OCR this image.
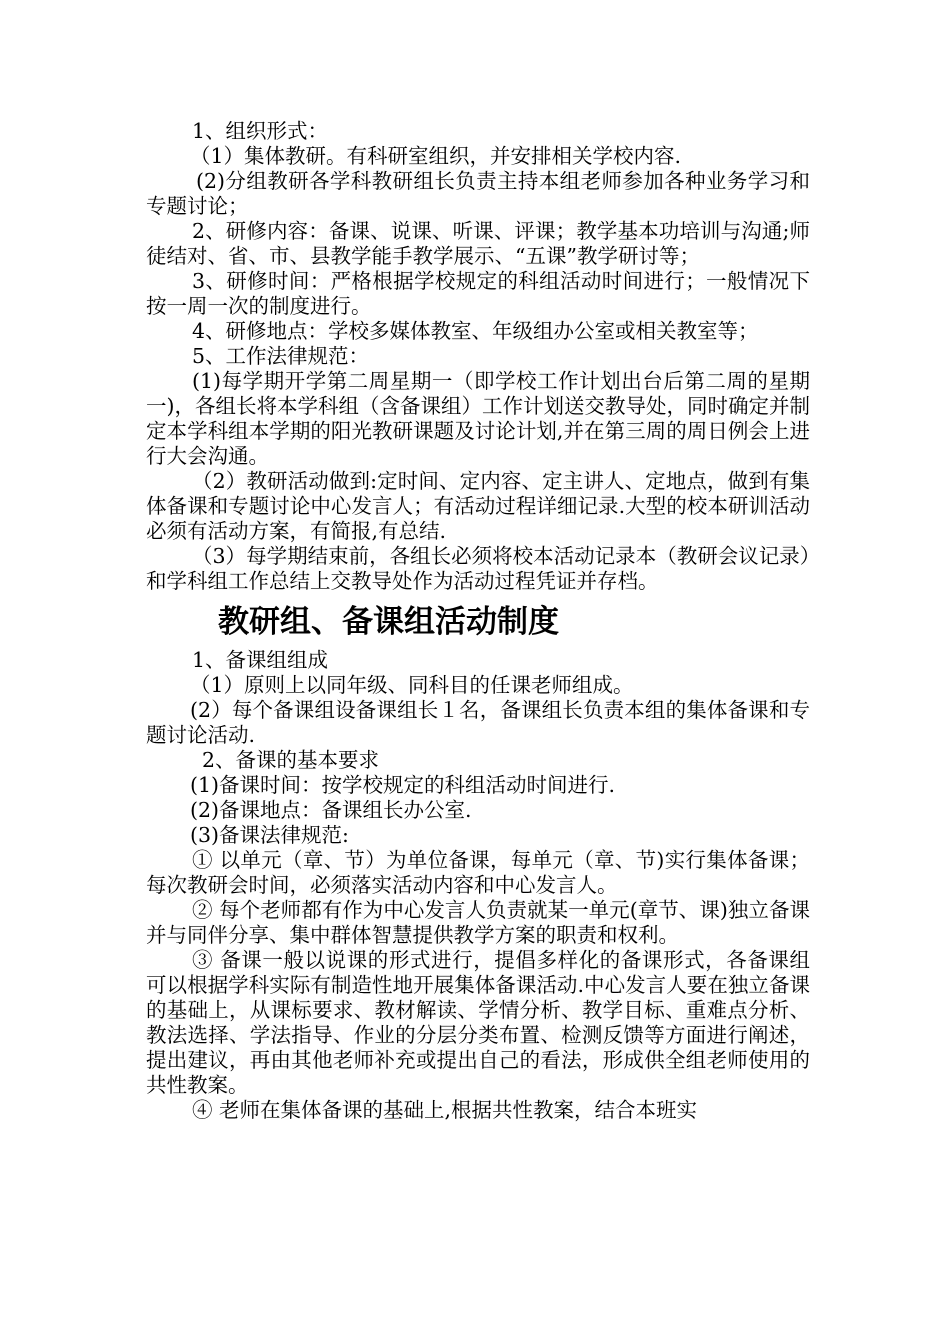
1、组织形式：

（1）集体教研。有科研室组织，并安排相关学校内容.

(2)分组教研各学科教研组长负责主持本组老师参加各种业务学习和专题讨论；

2、研修内容：备课、说课、听课、评课；教学基本功培训与沟通;师徒结对、省、市、县教学能手教学展示、“五课”教学研讨等；

3、研修时间：严格根据学校规定的科组活动时间进行；一般情况下按一周一次的制度进行。

4、研修地点：学校多媒体教室、年级组办公室或相关教室等；

5、工作法律规范：

(1)每学期开学第二周星期一（即学校工作计划出台后第二周的星期一)，各组长将本学科组（含备课组）工作计划送交教导处，同时确定并制定本学科组本学期的阳光教研课题及讨论计划,并在第三周的周日例会上进行大会沟通。

（2）教研活动做到:定时间、定内容、定主讲人、定地点，做到有集体备课和专题讨论中心发言人；有活动过程详细记录.大型的校本研训活动必须有活动方案，有简报,有总结.

（3）每学期结束前，各组长必须将校本活动记录本（教研会议记录）和学科组工作总结上交教导处作为活动过程凭证并存档。

教研组、备课组活动制度

1、备课组组成

（1）原则上以同年级、同科目的任课老师组成。

(2）每个备课组设备课组长１名，备课组长负责本组的集体备课和专题讨论活动.

2、备课的基本要求

(1)备课时间：按学校规定的科组活动时间进行.

(2)备课地点：备课组长办公室.

(3)备课法律规范:

① 以单元（章、节）为单位备课，每单元（章、节)实行集体备课；每次教研会时间，必须落实活动内容和中心发言人。

② 每个老师都有作为中心发言人负责就某一单元(章节、课)独立备课并与同伴分享、集中群体智慧提供教学方案的职责和权利。

③ 备课一般以说课的形式进行，提倡多样化的备课形式，各备课组可以根据学科实际有制造性地开展集体备课活动.中心发言人要在独立备课的基础上，从课标要求、教材解读、学情分析、教学目标、重难点分析、教法选择、学法指导、作业的分层分类布置、检测反馈等方面进行阐述，提出建议，再由其他老师补充或提出自己的看法，形成供全组老师使用的共性教案。

④ 老师在集体备课的基础上,根据共性教案，结合本班实
